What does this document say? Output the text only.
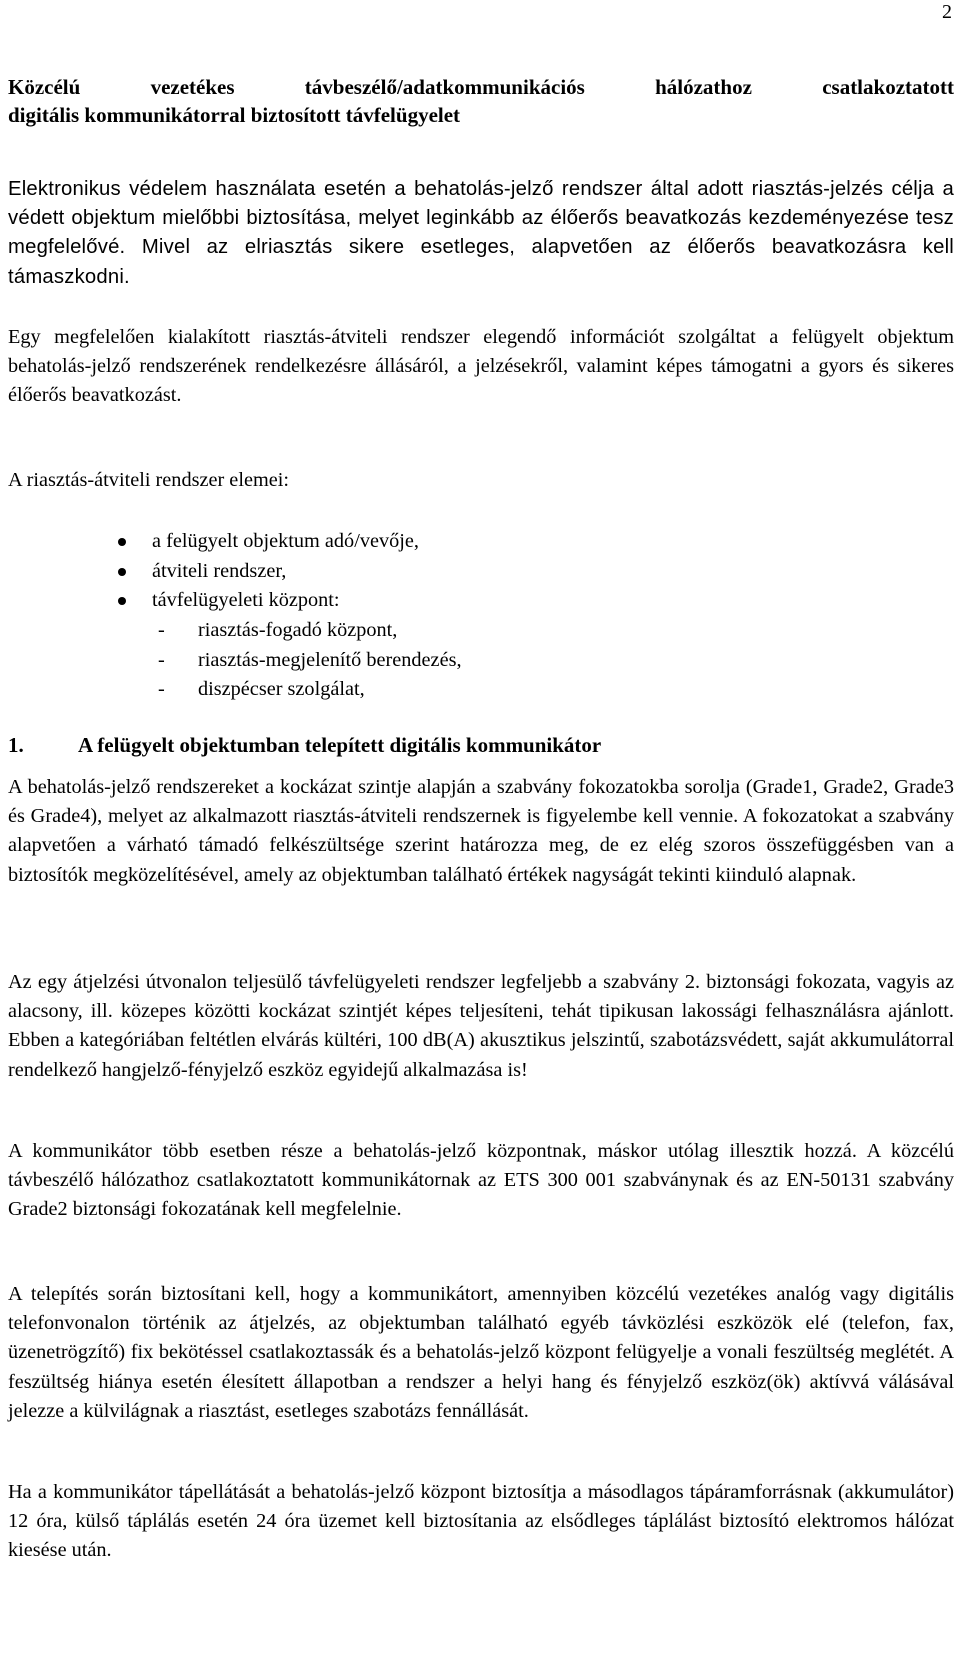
2
Közcélú vezetékes távbeszélő/adatkommunikációs hálózathoz csatlakoztatott
digitális kommunikátorral biztosított távfelügyelet

Elektronikus védelem használata esetén a behatolás-jelző rendszer által adott riasztás-jelzés célja a védett objektum mielőbbi biztosítása, melyet leginkább az élőerős beavatkozás kezdeményezése tesz megfelelővé. Mivel az elriasztás sikere esetleges, alapvetően az élőerős beavatkozásra kell támaszkodni.

Egy megfelelően kialakított riasztás-átviteli rendszer elegendő információt szolgáltat a felügyelt objektum behatolás-jelző rendszerének rendelkezésre állásáról, a jelzésekről, valamint képes támogatni a gyors és sikeres élőerős beavatkozást.

A riasztás-átviteli rendszer elemei:

a felügyelt objektum adó/vevője,
átviteli rendszer,
távfelügyeleti központ:
- riasztás-fogadó központ,
- riasztás-megjelenítő berendezés,
- diszpécser szolgálat,
1.	A felügyelt objektumban telepített digitális kommunikátor

A behatolás-jelző rendszereket a kockázat szintje alapján a szabvány fokozatokba sorolja (Grade1, Grade2, Grade3 és Grade4), melyet az alkalmazott riasztás-átviteli rendszernek is figyelembe kell vennie. A fokozatokat a szabvány alapvetően a várható támadó felkészültsége szerint határozza meg, de ez elég szoros összefüggésben van a biztosítók megközelítésével, amely az objektumban található értékek nagyságát tekinti kiinduló alapnak.

Az egy átjelzési útvonalon teljesülő távfelügyeleti rendszer legfeljebb a szabvány 2. biztonsági fokozata, vagyis az alacsony, ill. közepes közötti kockázat szintjét képes teljesíteni, tehát tipikusan lakossági felhasználásra ajánlott. Ebben a kategóriában feltétlen elvárás kültéri, 100 dB(A) akusztikus jelszintű, szabotázsvédett, saját akkumulátorral rendelkező hangjelző-fényjelző eszköz egyidejű alkalmazása is!

A kommunikátor több esetben része a behatolás-jelző központnak, máskor utólag illesztik hozzá. A közcélú távbeszélő hálózathoz csatlakoztatott kommunikátornak az ETS 300 001 szabványnak és az EN-50131 szabvány Grade2 biztonsági fokozatának kell megfelelnie.

A telepítés során biztosítani kell, hogy a kommunikátort, amennyiben közcélú vezetékes analóg vagy digitális telefonvonalon történik az átjelzés, az objektumban található egyéb távközlési eszközök elé (telefon, fax, üzenetrögzítő) fix bekötéssel csatlakoztassák és a behatolás-jelző központ felügyelje a vonali feszültség meglétét. A feszültség hiánya esetén élesített állapotban a rendszer a helyi hang és fényjelző eszköz(ök) aktívvá válásával jelezze a külvilágnak a riasztást, esetleges szabotázs fennállását.

Ha a kommunikátor tápellátását a behatolás-jelző központ biztosítja a másodlagos tápáramforrásnak (akkumulátor) 12 óra, külső táplálás esetén 24 óra üzemet kell biztosítania az elsődleges táplálást biztosító elektromos hálózat kiesése után.
